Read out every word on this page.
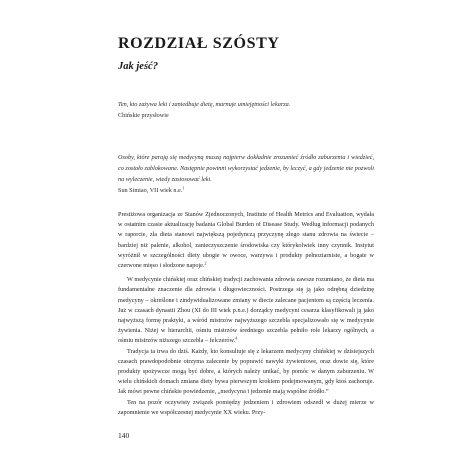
ROZDZIAŁ SZÓSTY
Jak jeść?

Ten, kto zażywa leki i zaniedbuje dietę, marnuje umiejętności lekarza.

Chińskie przysłowie

Osoby, które parają się medycyną muszą najpierw dokładnie zrozumieć źródło zaburzenia i wiedzieć, co zostało zablokowane. Następnie powinni wykorzystać jedzenie, by leczyć, a gdy jedzenie nie pozwoli na wyleczenie, wtedy zastosować leki.

Sun Simiao, VII wiek n.e.$^1$

Prestiżowa organizacja ze Stanów Zjednoczonych, Institute of Health Metrics and Evaluation, wydała w ostatnim czasie aktualizację badania Global Burden of Disease Study. Według informacji podanych w raporcie, zła dieta stanowi największą pojedynczą przyczynę złego stanu zdrowia na świecie – bardziej niż palenie, alkohol, zanieczyszczenie środowiska czy którykolwiek inny czynnik. Instytut wyróżnił w szczególności diety ubogie w owoce, warzywa i produkty pełnoziarniste, a bogate w czerwone mięso i słodzone napoje.$^2$

W medycynie chińskiej oraz chińskiej tradycji zachowania zdrowia zawsze rozumiano, że dieta ma fundamentalne znaczenie dla zdrowia i długowieczności. Postrzega się ją jako odrębną dziedzinę medycyny – określone i zindywidualizowane zmiany w diecie zalecane pacjentom są częścią leczenia. Już w czasach dynastii Zhou (XI do III wiek p.n.e.) dorządcy medycyni cesarza klasyfikowali ją jako najwyższą formę praktyki, a wśród mistrzów najwyższego szczebla specjalizowało się w medycynie żywienia. Niżej w hierarchii, ośmiu mistrzów średniego szczebla pełniło role lekarzy ogólnych, a ośmiu mistrzów niższego szczebla – felczerów.$^4$

Tradycja ta trwa do dziś. Każdy, kto konsultuje się z lekarzem medycyny chińskiej w dzisiejszych czasach prawdopodobnie otrzyma zalecenie by poprawić nawyki żywieniowe, oraz dowie się, które produkty spożywcze mogą być dobre, a których należy unikać, by pomóc w danym zaburzeniu. W wielu chińskich domach zmiana diety bywa pierwszym krokiem podejmowanym, gdy ktoś zachoruje. Jak mówi pewne chińskie powiedzenie, „medycyna i jedzenie mają wspólne źródło.”

Ten na pozór oczywisty związek pomiędzy jedzeniem i zdrowiem odszedł w dużej mierze w zapomnienie we współczesnej medycynie XX wieku. Przy-

140
